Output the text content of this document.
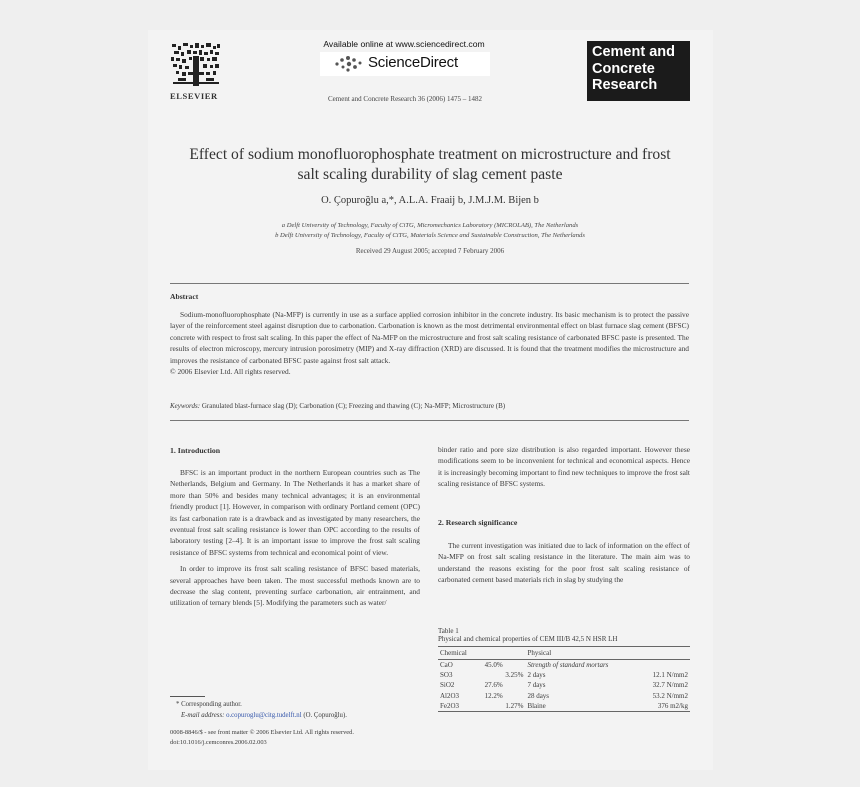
ELSEVIER
Available online at www.sciencedirect.com
ScienceDirect
Cement and Concrete Research 36 (2006) 1475 – 1482
Cement and
Concrete
Research
Effect of sodium monofluorophosphate treatment on microstructure and frost
salt scaling durability of slag cement paste
O. Çopuroğlu a,*, A.L.A. Fraaij b, J.M.J.M. Bijen b
a Delft University of Technology, Faculty of CiTG, Micromechanics Laboratory (MICROLAB), The Netherlands
b Delft University of Technology, Faculty of CiTG, Materials Science and Sustainable Construction, The Netherlands
Received 29 August 2005; accepted 7 February 2006
Abstract

Sodium-monofluorophosphate (Na-MFP) is currently in use as a surface applied corrosion inhibitor in the concrete industry. Its basic mechanism is to protect the passive layer of the reinforcement steel against disruption due to carbonation. Carbonation is known as the most detrimental environmental effect on blast furnace slag cement (BFSC) concrete with respect to frost salt scaling. In this paper the effect of Na-MFP on the microstructure and frost salt scaling resistance of carbonated BFSC paste is presented. The results of electron microscopy, mercury intrusion porosimetry (MIP) and X-ray diffraction (XRD) are discussed. It is found that the treatment modifies the microstructure and improves the resistance of carbonated BFSC paste against frost salt attack.

© 2006 Elsevier Ltd. All rights reserved.
Keywords: Granulated blast-furnace slag (D); Carbonation (C); Freezing and thawing (C); Na-MFP; Microstructure (B)
1. Introduction

BFSC is an important product in the northern European countries such as The Netherlands, Belgium and Germany. In The Netherlands it has a market share of more than 50% and besides many technical advantages; it is an environmental friendly product [1]. However, in comparison with ordinary Portland cement (OPC) its fast carbonation rate is a drawback and as investigated by many researchers, the eventual frost salt scaling resistance is lower than OPC according to the results of laboratory testing [2–4]. It is an important issue to improve the frost salt scaling resistance of BFSC systems from technical and economical point of view.

In order to improve its frost salt scaling resistance of BFSC based materials, several approaches have been taken. The most successful methods known are to decrease the slag content, preventing surface carbonation, air entrainment, and utilization of ternary blends [5]. Modifying the parameters such as water/

binder ratio and pore size distribution is also regarded important. However these modifications seem to be inconvenient for technical and economical aspects. Hence it is increasingly becoming important to find new techniques to improve the frost salt scaling resistance of BFSC systems.

2. Research significance

The current investigation was initiated due to lack of information on the effect of Na-MFP on frost salt scaling resistance in the literature. The main aim was to understand the reasons existing for the poor frost salt scaling resistance of carbonated cement based materials rich in slag by studying the

Table 1
Physical and chemical properties of CEM III/B 42,5 N HSR LH
Chemical		Physical	
CaO	45.0%	Strength of standard mortars	
SO3	3.25%	2 days	12.1 N/mm2
SiO2	27.6%	7 days	32.7 N/mm2
Al2O3	12.2%	28 days	53.2 N/mm2
Fe2O3	1.27%	Blaine	376 m2/kg
* Corresponding author.
E-mail address: o.copuroglu@citg.tudelft.nl (O. Çopuroğlu).
0008-8846/$ - see front matter © 2006 Elsevier Ltd. All rights reserved.
doi:10.1016/j.cemconres.2006.02.003
